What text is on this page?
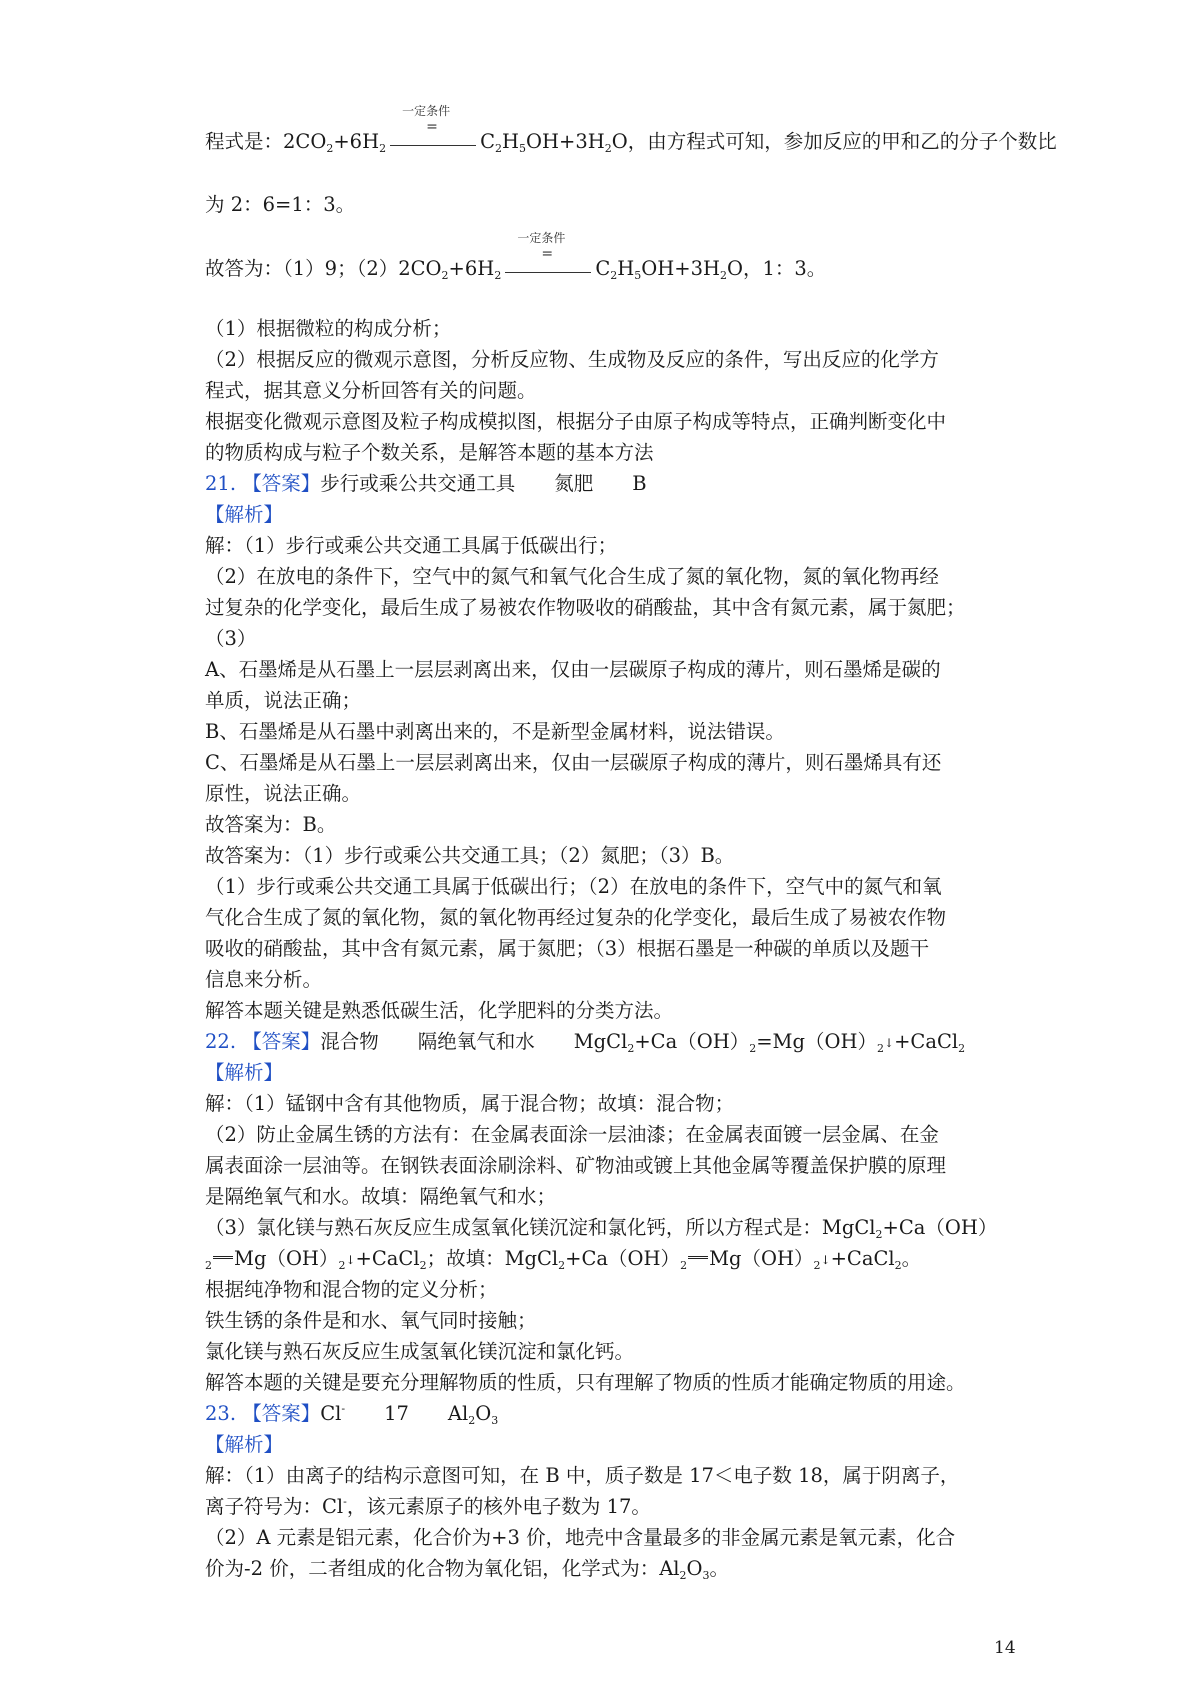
程式是：$2CO_2+6H_2$
一定条件
=
$C_2H_5OH+3H_2O$，由方程式可知，参加反应的甲和乙的分子个数比
为 2：6=1：3。
故答为：（1）9；$(2)2CO_2+6H_2$
一定条件
=
$C_2H_5OH+3H_2O$，1：3。
（1）根据微粒的构成分析；
（2）根据反应的微观示意图，分析反应物、生成物及反应的条件，写出反应的化学方
程式，据其意义分析回答有关的问题。
根据变化微观示意图及粒子构成模拟图，根据分子由原子构成等特点，正确判断变化中
的物质构成与粒子个数关系，是解答本题的基本方法
21. 【答案】步行或乘公共交通工具　　氮肥　　B
【解析】
解：（1）步行或乘公共交通工具属于低碳出行；
（2）在放电的条件下，空气中的氮气和氧气化合生成了氮的氧化物，氮的氧化物再经
过复杂的化学变化，最后生成了易被农作物吸收的硝酸盐，其中含有氮元素，属于氮肥；
（3）
A、石墨烯是从石墨上一层层剥离出来，仅由一层碳原子构成的薄片，则石墨烯是碳的
单质，说法正确；
B、石墨烯是从石墨中剥离出来的，不是新型金属材料，说法错误。
C、石墨烯是从石墨上一层层剥离出来，仅由一层碳原子构成的薄片，则石墨烯具有还
原性，说法正确。
故答案为：B。
故答案为：（1）步行或乘公共交通工具；（2）氮肥；（3）B。
（1）步行或乘公共交通工具属于低碳出行；（2）在放电的条件下，空气中的氮气和氧
气化合生成了氮的氧化物，氮的氧化物再经过复杂的化学变化，最后生成了易被农作物
吸收的硝酸盐，其中含有氮元素，属于氮肥；（3）根据石墨是一种碳的单质以及题干
信息来分析。
解答本题关键是熟悉低碳生活，化学肥料的分类方法。
22. 【答案】混合物　　隔绝氧气和水　　$MgCl_2+Ca(OH)_2=Mg(OH)_2↓+CaCl_2$
【解析】
解：（1）锰钢中含有其他物质，属于混合物；故填：混合物；
（2）防止金属生锈的方法有：在金属表面涂一层油漆；在金属表面镀一层金属、在金
属表面涂一层油等。在钢铁表面涂刷涂料、矿物油或镀上其他金属等覆盖保护膜的原理
是隔绝氧气和水。故填：隔绝氧气和水；
（3）氯化镁与熟石灰反应生成氢氧化镁沉淀和氯化钙，所以方程式是：MgCl$_2$+Ca（OH）
$_2$ $Mg(OH)_2↓+CaCl_2$；故填：$MgCl_2+Ca(OH)_2$ $Mg(OH)_2↓+CaCl_2$。
根据纯净物和混合物的定义分析；
铁生锈的条件是和水、氧气同时接触；
氯化镁与熟石灰反应生成氢氧化镁沉淀和氯化钙。
解答本题的关键是要充分理解物质的性质，只有理解了物质的性质才能确定物质的用途。
23. 【答案】Cl-　　17　　$Al_2O_3$
【解析】
解：（1）由离子的结构示意图可知，在 B 中，质子数是 17＜电子数 18，属于阴离子，
离子符号为：Cl-，该元素原子的核外电子数为 17。
（2）A 元素是铝元素，化合价为+3 价，地壳中含量最多的非金属元素是氧元素，化合
价为-2 价，二者组成的化合物为氧化铝，化学式为：$Al_2O_3$。
14
